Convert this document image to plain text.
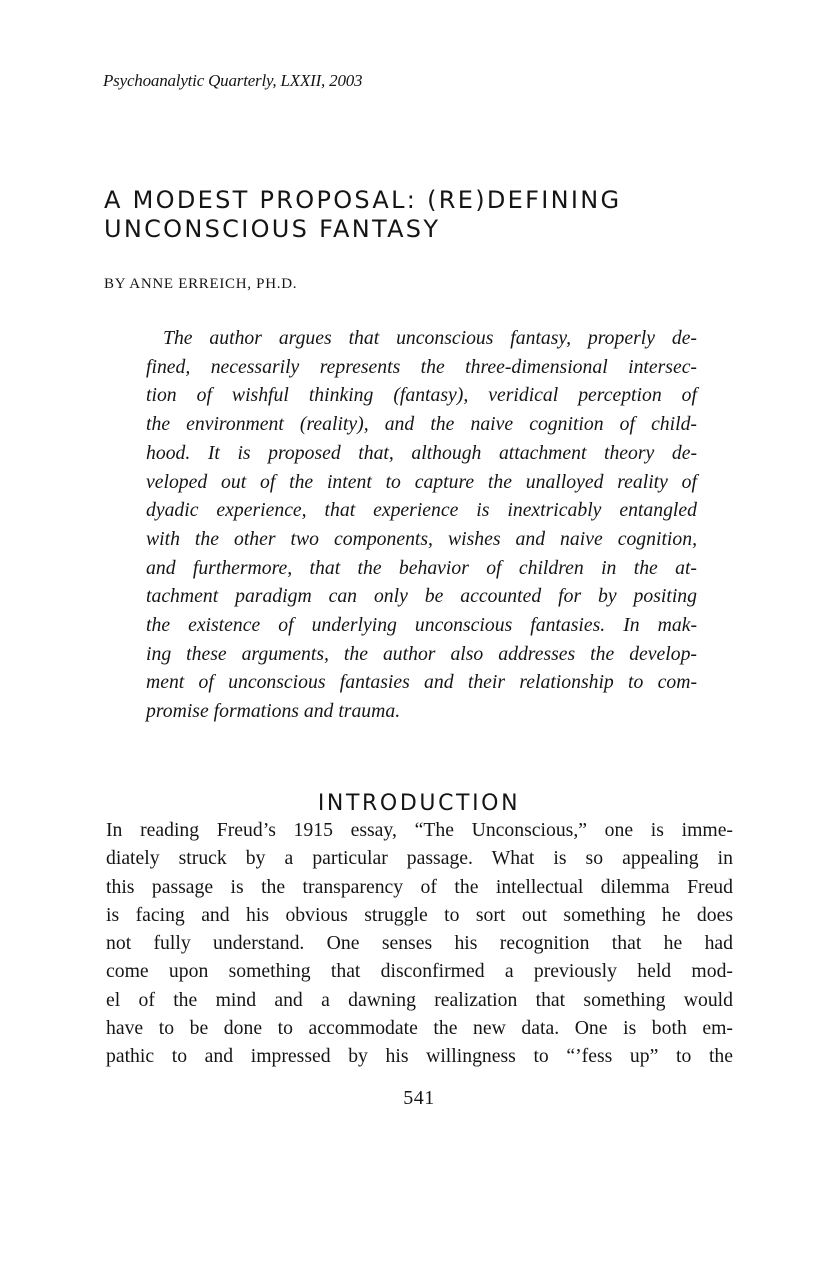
Psychoanalytic Quarterly, LXXII, 2003
A MODEST PROPOSAL: (RE)DEFINING
UNCONSCIOUS FANTASY
BY ANNE ERREICH, PH.D.
The author argues that unconscious fantasy, properly de-
fined, necessarily represents the three-dimensional intersec-
tion of wishful thinking (fantasy), veridical perception of
the environment (reality), and the naive cognition of child-
hood. It is proposed that, although attachment theory de-
veloped out of the intent to capture the unalloyed reality of
dyadic experience, that experience is inextricably entangled
with the other two components, wishes and naive cognition,
and furthermore, that the behavior of children in the at-
tachment paradigm can only be accounted for by positing
the existence of underlying unconscious fantasies. In mak-
ing these arguments, the author also addresses the develop-
ment of unconscious fantasies and their relationship to com-
promise formations and trauma.
INTRODUCTION
In reading Freud’s 1915 essay, “The Unconscious,” one is imme-
diately struck by a particular passage. What is so appealing in
this passage is the transparency of the intellectual dilemma Freud
is facing and his obvious struggle to sort out something he does
not fully understand. One senses his recognition that he had
come upon something that disconfirmed a previously held mod-
el of the mind and a dawning realization that something would
have to be done to accommodate the new data. One is both em-
pathic to and impressed by his willingness to “’fess up” to the
541
